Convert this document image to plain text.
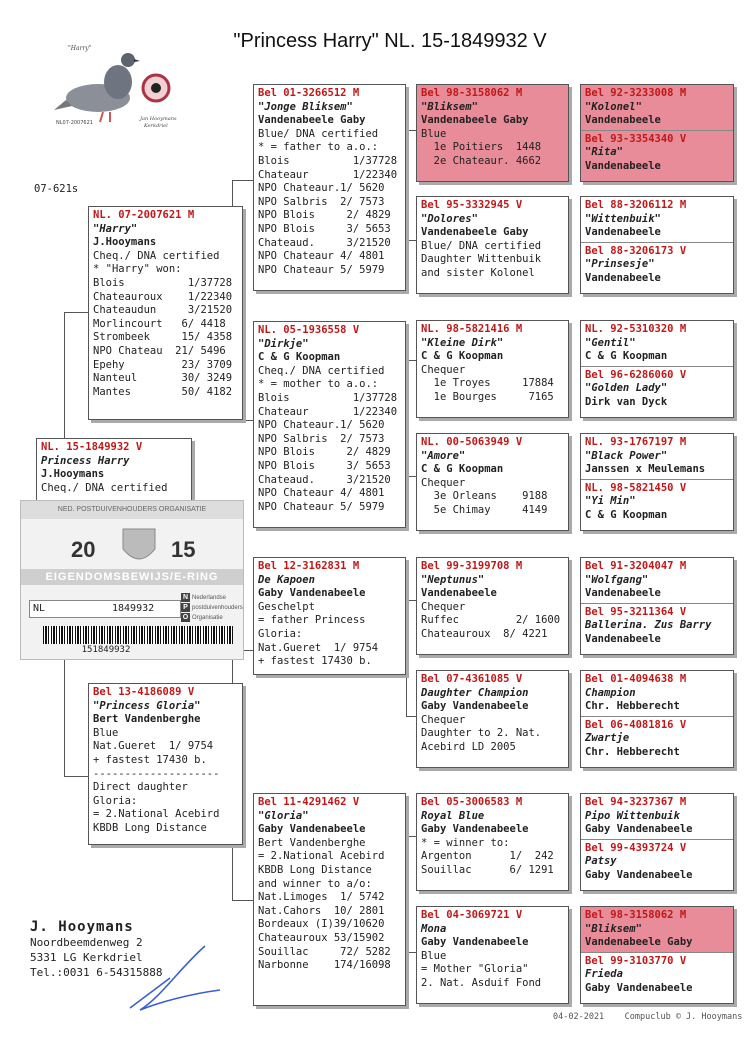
"Princess Harry" NL. 15-1849932 V
"Harry"
NL07-2007621
Jan Hooymans
Kerkdriel
07-621s
NL. 15-1849932 V
Princess Harry
J.Hooymans
Cheq./ DNA certified
NED. POSTDUIVENHOUDERS ORGANISATIE
20	15
EIGENDOMSBEWIJS/E-RING
NL	1849932
N Nederlandse
P postduivenhouders
O Organisatie
151849932
NL. 07-2007621 M
"Harry"
J.Hooymans
Cheq./ DNA certified
* "Harry" won:
Blois          1/37728
Chateauroux    1/22340
Chateaudun     3/21520
Morlincourt   6/ 4418
Strombeek     15/ 4358
NPO Chateau  21/ 5496
Epehy         23/ 3709
Nanteul       30/ 3249
Mantes        50/ 4182
Bel 13-4186089 V
"Princess Gloria"
Bert Vandenberghe
Blue
Nat.Gueret  1/ 9754
+ fastest 17430 b.
--------------------
Direct daughter
Gloria:
= 2.National Acebird
KBDB Long Distance
Bel 01-3266512 M
"Jonge Bliksem"
Vandenabeele Gaby
Blue/ DNA certified
* = father to a.o.:
Blois          1/37728
Chateaur       1/22340
NPO Chateaur.1/ 5620
NPO Salbris  2/ 7573
NPO Blois     2/ 4829
NPO Blois     3/ 5653
Chateaud.     3/21520
NPO Chateaur 4/ 4801
NPO Chateaur 5/ 5979
NL. 05-1936558 V
"Dirkje"
C & G Koopman
Cheq./ DNA certified
* = mother to a.o.:
Blois          1/37728
Chateaur       1/22340
NPO Chateaur.1/ 5620
NPO Salbris  2/ 7573
NPO Blois     2/ 4829
NPO Blois     3/ 5653
Chateaud.     3/21520
NPO Chateaur 4/ 4801
NPO Chateaur 5/ 5979
Bel 12-3162831 M
De Kapoen
Gaby Vandenabeele
Geschelpt
= father Princess
Gloria:
Nat.Gueret  1/ 9754
+ fastest 17430 b.
Bel 11-4291462 V
"Gloria"
Gaby Vandenabeele
Bert Vandenberghe
= 2.National Acebird
KBDB Long Distance
and winner to a/o:
Nat.Limoges  1/ 5742
Nat.Cahors  10/ 2801
Bordeaux (I)39/10620
Chateauroux 53/15902
Souillac     72/ 5282
Narbonne    174/16098
Bel 98-3158062 M
"Bliksem"
Vandenabeele Gaby
Blue
1e Poitiers  1448
2e Chateaur. 4662
Bel 95-3332945 V
"Dolores"
Vandenabeele Gaby
Blue/ DNA certified
Daughter Wittenbuik
and sister Kolonel
NL. 98-5821416 M
"Kleine Dirk"
C & G Koopman
Chequer
1e Troyes     17884
1e Bourges     7165
NL. 00-5063949 V
"Amore"
C & G Koopman
Chequer
3e Orleans    9188
5e Chimay     4149
Bel 99-3199708 M
"Neptunus"
Vandenabeele
Chequer
Ruffec         2/ 1600
Chateauroux  8/ 4221
Bel 07-4361085 V
Daughter Champion
Gaby Vandenabeele
Chequer
Daughter to 2. Nat.
Acebird LD 2005
Bel 05-3006583 M
Royal Blue
Gaby Vandenabeele
* = winner to:
Argenton      1/  242
Souillac      6/ 1291
Bel 04-3069721 V
Mona
Gaby Vandenabeele
Blue
= Mother "Gloria"
2. Nat. Asduif Fond
Bel 92-3233008 M
"Kolonel"
Vandenabeele
Bel 93-3354340 V
"Rita"
Vandenabeele
Bel 88-3206112 M
"Wittenbuik"
Vandenabeele
Bel 88-3206173 V
"Prinsesje"
Vandenabeele
NL. 92-5310320 M
"Gentil"
C & G Koopman
Bel 96-6286060 V
"Golden Lady"
Dirk van Dyck
NL. 93-1767197 M
"Black Power"
Janssen x Meulemans
NL. 98-5821450 V
"Yi Min"
C & G Koopman
Bel 91-3204047 M
"Wolfgang"
Vandenabeele
Bel 95-3211364 V
Ballerina. Zus Barry
Vandenabeele
Bel 01-4094638 M
Champion
Chr. Hebberecht
Bel 06-4081816 V
Zwartje
Chr. Hebberecht
Bel 94-3237367 M
Pipo Wittenbuik
Gaby Vandenabeele
Bel 99-4393724 V
Patsy
Gaby Vandenabeele
Bel 98-3158062 M
"Bliksem"
Vandenabeele Gaby
Bel 99-3103770 V
Frieda
Gaby Vandenabeele
J. Hooymans
Noordbeemdenweg 2
5331 LG Kerkdriel
Tel.:0031 6-54315888
04-02-2021    Compuclub © J. Hooymans
